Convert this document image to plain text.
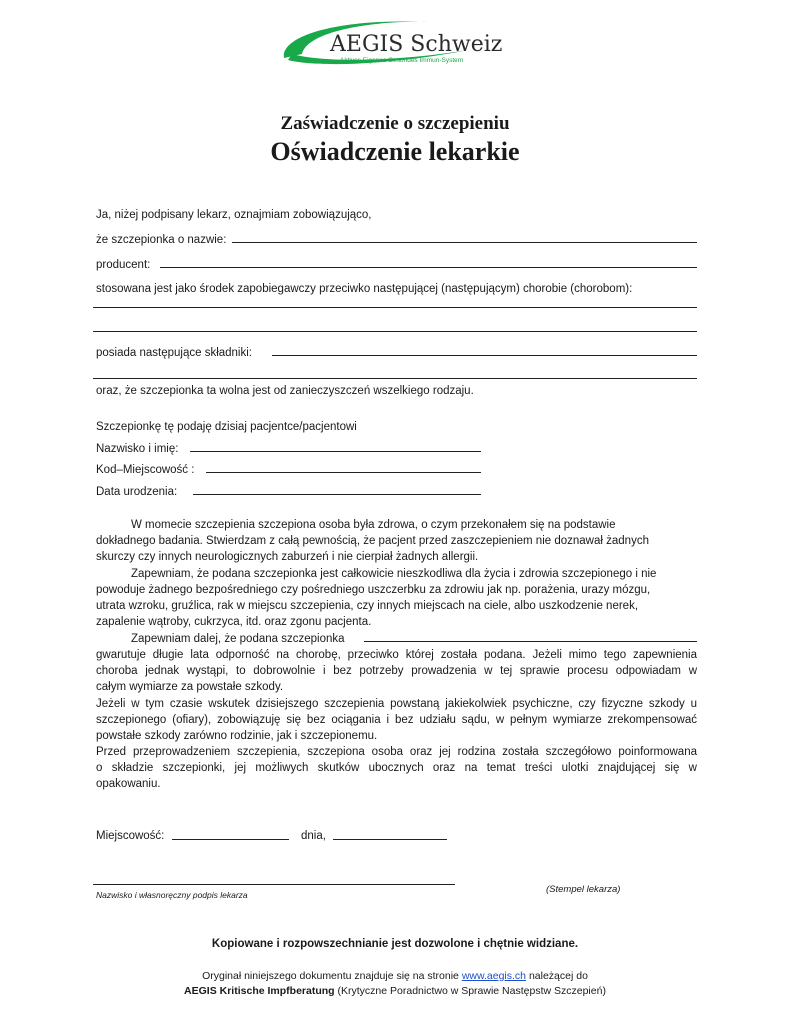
AEGIS Schweiz
Aktives Eigenes Gesundes Immun-System
Zaświadczenie o szczepieniu
Oświadczenie lekarkie
Ja, niżej podpisany lekarz, oznajmiam zobowiązująco,
że szczepionka o nazwie:
producent:
stosowana jest jako środek zapobiegawczy przeciwko następującej (następującym) chorobie (chorobom):
posiada następujące składniki:
oraz, że szczepionka ta wolna jest od zanieczyszczeń wszelkiego rodzaju.
Szczepionkę tę podaję dzisiaj pacjentce/pacjentowi
Nazwisko i imię:
Kod–Miejscowość :
Data urodzenia:
W momecie szczepienia szczepiona osoba była zdrowa, o czym przekonałem się na podstawie
dokładnego badania. Stwierdzam z całą pewnością, że pacjent przed zaszczepieniem nie doznawał żadnych
skurczy czy innych neurologicznych zaburzeń i nie cierpiał żadnych allergii.
Zapewniam, że podana szczepionka jest całkowicie nieszkodliwa dla życia i zdrowia szczepionego i nie
powoduje żadnego bezpośredniego czy pośredniego uszczerbku za zdrowiu jak np. porażenia, urazy mózgu,
utrata wzroku, gruźlica, rak w miejscu szczepienia, czy innych miejscach na ciele, albo uszkodzenie nerek,
zapalenie wątroby, cukrzyca, itd. oraz zgonu pacjenta.
Zapewniam dalej, że podana szczepionka
gwarutuje długie lata odporność na chorobę, przeciwko której została podana. Jeżeli mimo tego zapewnienia
choroba jednak wystąpi, to dobrowolnie i bez potrzeby prowadzenia w tej sprawie procesu odpowiadam w
całym wymiarze za powstałe szkody.
Jeżeli w tym czasie wskutek dzisiejszego szczepienia powstaną jakiekolwiek psychiczne, czy fizyczne szkody u
szczepionego (ofiary), zobowiązuję się bez ociągania i bez udziału sądu, w pełnym wymiarze zrekompensować
powstałe szkody zarówno rodzinie, jak i szczepionemu.
Przed przeprowadzeniem szczepienia, szczepiona osoba oraz jej rodzina została szczegółowo poinformowana
o składzie szczepionki, jej możliwych skutków ubocznych oraz na temat treści ulotki znajdującej się w
opakowaniu.
Miejscowość:	dnia,
Nazwisko i własnoręczny podpis lekarza	(Stempel lekarza)
Kopiowane i rozpowszechnianie jest dozwolone i chętnie widziane.
Oryginał niniejszego dokumentu znajduje się na stronie www.aegis.ch należącej do
AEGIS Kritische Impfberatung (Krytyczne Poradnictwo w Sprawie Następstw Szczepień)
